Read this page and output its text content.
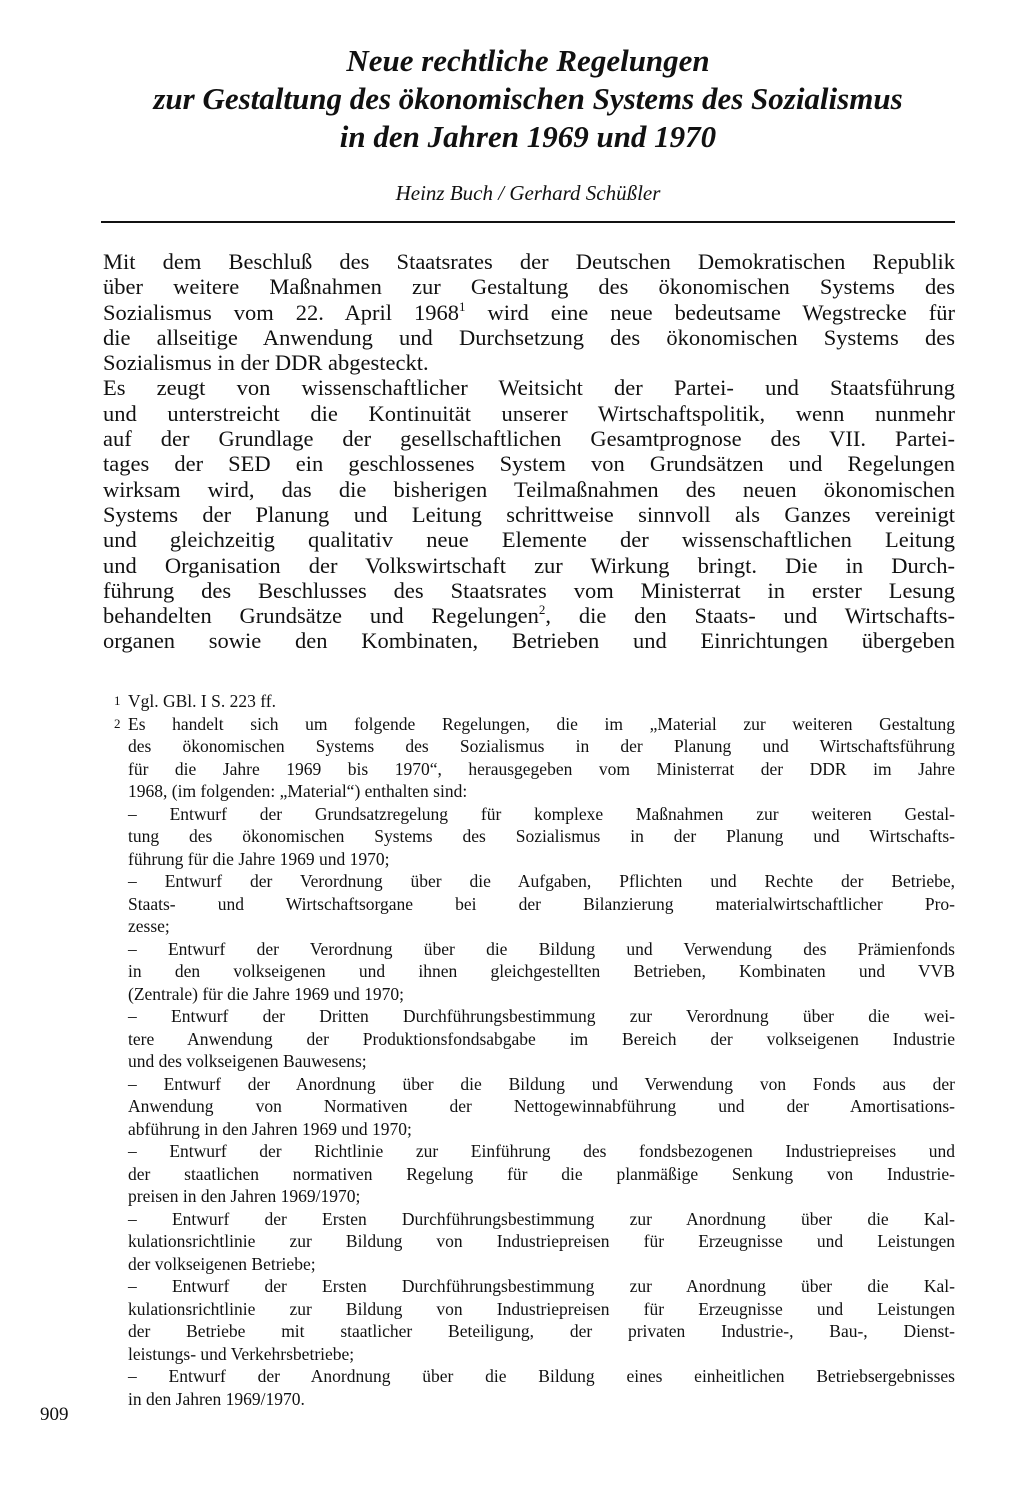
Neue rechtliche Regelungen
zur Gestaltung des ökonomischen Systems des Sozialismus
in den Jahren 1969 und 1970
Heinz Buch / Gerhard Schüßler
Mit dem Beschluß des Staatsrates der Deutschen Demokratischen Republik
über weitere Maßnahmen zur Gestaltung des ökonomischen Systems des
Sozialismus vom 22. April 1968$^1$ wird eine neue bedeutsame Wegstrecke für
die allseitige Anwendung und Durchsetzung des ökonomischen Systems des
Sozialismus in der DDR abgesteckt.
Es zeugt von wissenschaftlicher Weitsicht der Partei- und Staatsführung
und unterstreicht die Kontinuität unserer Wirtschaftspolitik, wenn nunmehr
auf der Grundlage der gesellschaftlichen Gesamtprognose des VII. Partei-
tages der SED ein geschlossenes System von Grundsätzen und Regelungen
wirksam wird, das die bisherigen Teilmaßnahmen des neuen ökonomischen
Systems der Planung und Leitung schrittweise sinnvoll als Ganzes vereinigt
und gleichzeitig qualitativ neue Elemente der wissenschaftlichen Leitung
und Organisation der Volkswirtschaft zur Wirkung bringt. Die in Durch-
führung des Beschlusses des Staatsrates vom Ministerrat in erster Lesung
behandelten Grundsätze und Regelungen$^2$, die den Staats- und Wirtschafts-
organen sowie den Kombinaten, Betrieben und Einrichtungen übergeben
1 Vgl. GBl. I S. 223 ff.
2 Es handelt sich um folgende Regelungen, die im „Material zur weiteren Gestaltung
des ökonomischen Systems des Sozialismus in der Planung und Wirtschaftsführung
für die Jahre 1969 bis 1970“, herausgegeben vom Ministerrat der DDR im Jahre
1968, (im folgenden: „Material“) enthalten sind:
– Entwurf der Grundsatzregelung für komplexe Maßnahmen zur weiteren Gestal-
tung des ökonomischen Systems des Sozialismus in der Planung und Wirtschafts-
führung für die Jahre 1969 und 1970;
– Entwurf der Verordnung über die Aufgaben, Pflichten und Rechte der Betriebe,
Staats- und Wirtschaftsorgane bei der Bilanzierung materialwirtschaftlicher Pro-
zesse;
– Entwurf der Verordnung über die Bildung und Verwendung des Prämienfonds
in den volkseigenen und ihnen gleichgestellten Betrieben, Kombinaten und VVB
(Zentrale) für die Jahre 1969 und 1970;
– Entwurf der Dritten Durchführungsbestimmung zur Verordnung über die wei-
tere Anwendung der Produktionsfondsabgabe im Bereich der volkseigenen Industrie
und des volkseigenen Bauwesens;
– Entwurf der Anordnung über die Bildung und Verwendung von Fonds aus der
Anwendung von Normativen der Nettogewinnabführung und der Amortisations-
abführung in den Jahren 1969 und 1970;
– Entwurf der Richtlinie zur Einführung des fondsbezogenen Industriepreises und
der staatlichen normativen Regelung für die planmäßige Senkung von Industrie-
preisen in den Jahren 1969/1970;
– Entwurf der Ersten Durchführungsbestimmung zur Anordnung über die Kal-
kulationsrichtlinie zur Bildung von Industriepreisen für Erzeugnisse und Leistungen
der volkseigenen Betriebe;
– Entwurf der Ersten Durchführungsbestimmung zur Anordnung über die Kal-
kulationsrichtlinie zur Bildung von Industriepreisen für Erzeugnisse und Leistungen
der Betriebe mit staatlicher Beteiligung, der privaten Industrie-, Bau-, Dienst-
leistungs- und Verkehrsbetriebe;
– Entwurf der Anordnung über die Bildung eines einheitlichen Betriebsergebnisses
in den Jahren 1969/1970.
909
